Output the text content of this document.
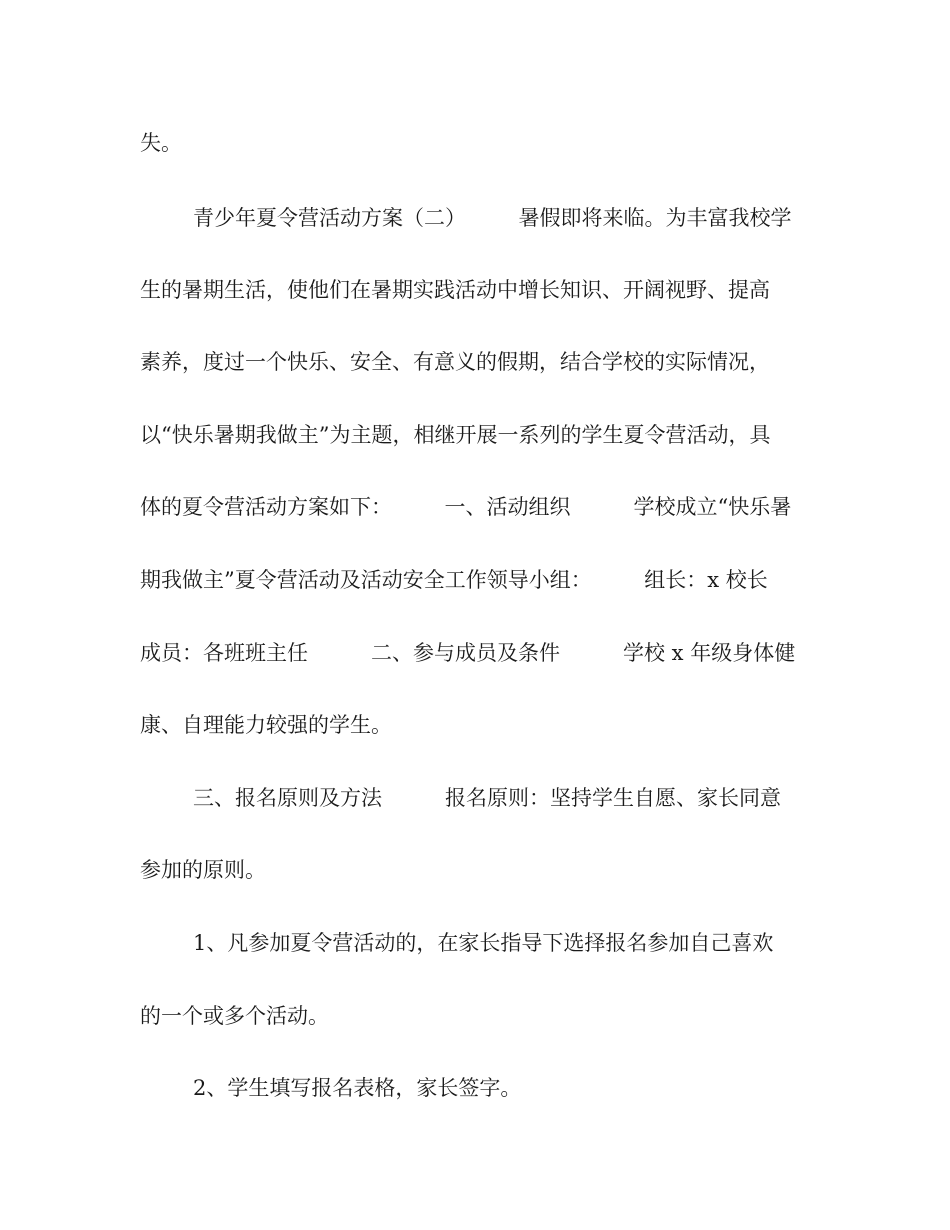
失。
青少年夏令营活动方案（二）　　　暑假即将来临。为丰富我校学
生的暑期生活，使他们在暑期实践活动中增长知识、开阔视野、提高
素养，度过一个快乐、安全、有意义的假期，结合学校的实际情况，
以“快乐暑期我做主”为主题，相继开展一系列的学生夏令营活动，具
体的夏令营活动方案如下：　　　一、活动组织　　　学校成立“快乐暑
期我做主”夏令营活动及活动安全工作领导小组：　　　组长：x 校长
成员：各班班主任　　　二、参与成员及条件　　　学校 x 年级身体健
康、自理能力较强的学生。
三、报名原则及方法　　　报名原则：坚持学生自愿、家长同意
参加的原则。
1、凡参加夏令营活动的，在家长指导下选择报名参加自己喜欢
的一个或多个活动。
2、学生填写报名表格，家长签字。
